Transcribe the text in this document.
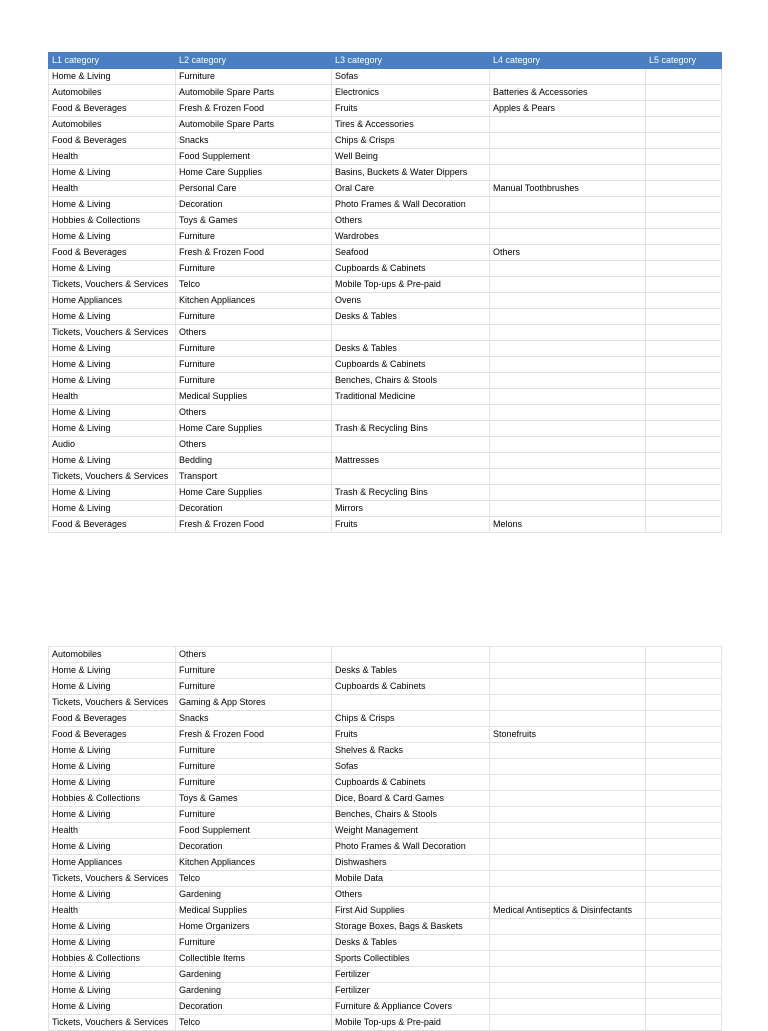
L1 category	L2 category	L3 category	L4 category	L5 category
Home & Living	Furniture	Sofas		
Automobiles	Automobile Spare Parts	Electronics	Batteries & Accessories	
Food & Beverages	Fresh & Frozen Food	Fruits	Apples & Pears	
Automobiles	Automobile Spare Parts	Tires & Accessories		
Food & Beverages	Snacks	Chips & Crisps		
Health	Food Supplement	Well Being		
Home & Living	Home Care Supplies	Basins, Buckets & Water Dippers		
Health	Personal Care	Oral Care	Manual Toothbrushes	
Home & Living	Decoration	Photo Frames & Wall Decoration		
Hobbies & Collections	Toys & Games	Others		
Home & Living	Furniture	Wardrobes		
Food & Beverages	Fresh & Frozen Food	Seafood	Others	
Home & Living	Furniture	Cupboards & Cabinets		
Tickets, Vouchers & Services	Telco	Mobile Top-ups & Pre-paid		
Home Appliances	Kitchen Appliances	Ovens		
Home & Living	Furniture	Desks & Tables		
Tickets, Vouchers & Services	Others			
Home & Living	Furniture	Desks & Tables		
Home & Living	Furniture	Cupboards & Cabinets		
Home & Living	Furniture	Benches, Chairs & Stools		
Health	Medical Supplies	Traditional Medicine		
Home & Living	Others			
Home & Living	Home Care Supplies	Trash & Recycling Bins		
Audio	Others			
Home & Living	Bedding	Mattresses		
Tickets, Vouchers & Services	Transport			
Home & Living	Home Care Supplies	Trash & Recycling Bins		
Home & Living	Decoration	Mirrors		
Food & Beverages	Fresh & Frozen Food	Fruits	Melons	
Automobiles	Others			
Home & Living	Furniture	Desks & Tables		
Home & Living	Furniture	Cupboards & Cabinets		
Tickets, Vouchers & Services	Gaming & App Stores			
Food & Beverages	Snacks	Chips & Crisps		
Food & Beverages	Fresh & Frozen Food	Fruits	Stonefruits	
Home & Living	Furniture	Shelves & Racks		
Home & Living	Furniture	Sofas		
Home & Living	Furniture	Cupboards & Cabinets		
Hobbies & Collections	Toys & Games	Dice, Board & Card Games		
Home & Living	Furniture	Benches, Chairs & Stools		
Health	Food Supplement	Weight Management		
Home & Living	Decoration	Photo Frames & Wall Decoration		
Home Appliances	Kitchen Appliances	Dishwashers		
Tickets, Vouchers & Services	Telco	Mobile Data		
Home & Living	Gardening	Others		
Health	Medical Supplies	First Aid Supplies	Medical Antiseptics & Disinfectants	
Home & Living	Home Organizers	Storage Boxes, Bags & Baskets		
Home & Living	Furniture	Desks & Tables		
Hobbies & Collections	Collectible Items	Sports Collectibles		
Home & Living	Gardening	Fertilizer		
Home & Living	Gardening	Fertilizer		
Home & Living	Decoration	Furniture & Appliance Covers		
Tickets, Vouchers & Services	Telco	Mobile Top-ups & Pre-paid		
